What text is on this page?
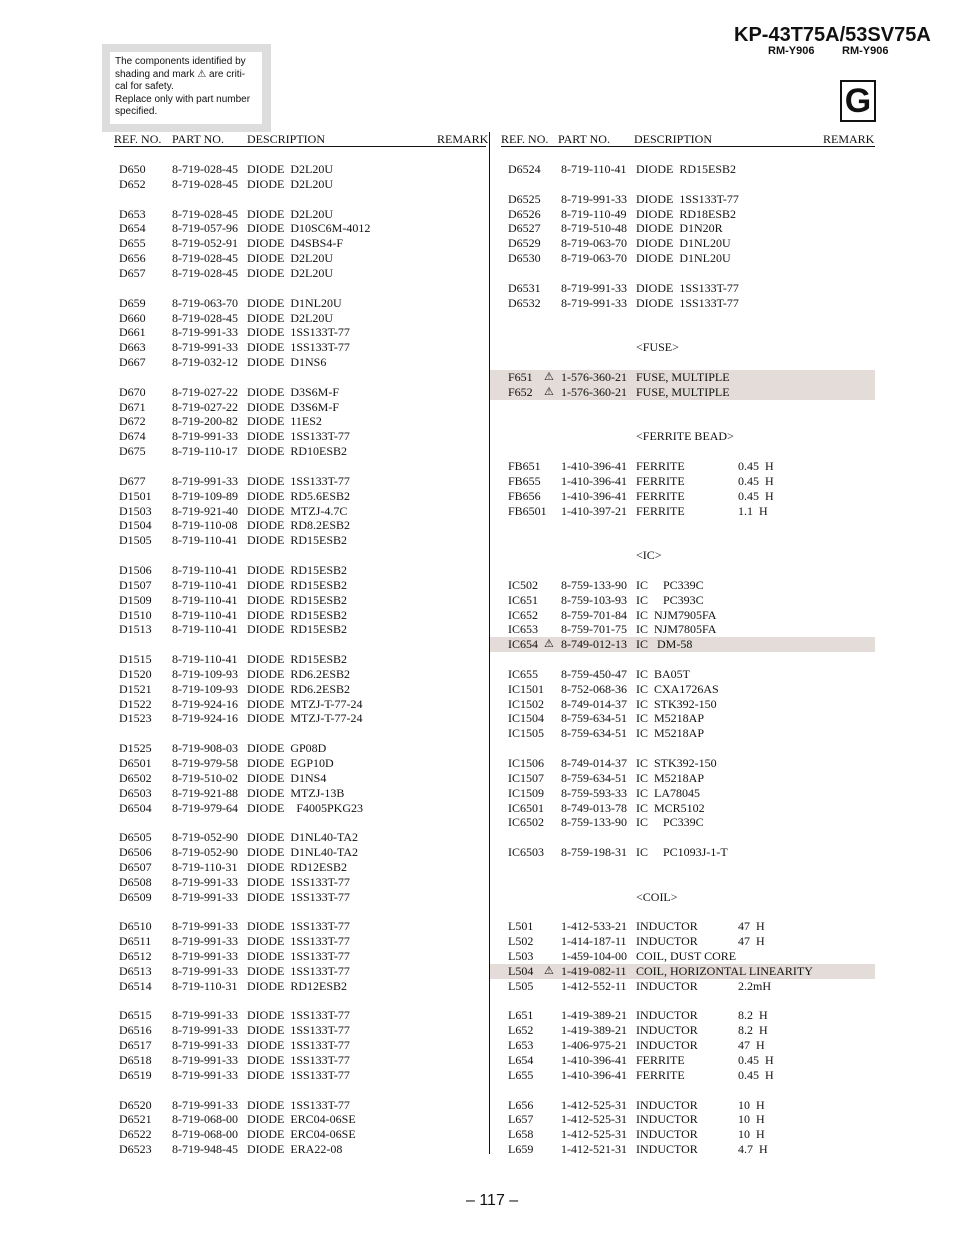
KP-43T75A/53SV75A
RM-Y906	RM-Y906
G
The components identified by
shading and mark ⚠ are criti-
cal for safety.
Replace only with part number
specified.
REF. NO. PART NO. DESCRIPTION	REMARK REF. NO. PART NO. DESCRIPTION	REMARK
D650 8-719-028-45 DIODE  D2L20U
D652 8-719-028-45 DIODE  D2L20U
D653 8-719-028-45 DIODE  D2L20U
D654 8-719-057-96 DIODE  D10SC6M-4012
D655 8-719-052-91 DIODE  D4SBS4-F
D656 8-719-028-45 DIODE  D2L20U
D657 8-719-028-45 DIODE  D2L20U
D659 8-719-063-70 DIODE  D1NL20U
D660 8-719-028-45 DIODE  D2L20U
D661 8-719-991-33 DIODE  1SS133T-77
D663 8-719-991-33 DIODE  1SS133T-77
D667 8-719-032-12 DIODE  D1NS6
D670 8-719-027-22 DIODE  D3S6M-F
D671 8-719-027-22 DIODE  D3S6M-F
D672 8-719-200-82 DIODE  11ES2
D674 8-719-991-33 DIODE  1SS133T-77
D675 8-719-110-17 DIODE  RD10ESB2
D677 8-719-991-33 DIODE  1SS133T-77
D1501 8-719-109-89 DIODE  RD5.6ESB2
D1503 8-719-921-40 DIODE  MTZJ-4.7C
D1504 8-719-110-08 DIODE  RD8.2ESB2
D1505 8-719-110-41 DIODE  RD15ESB2
D1506 8-719-110-41 DIODE  RD15ESB2
D1507 8-719-110-41 DIODE  RD15ESB2
D1509 8-719-110-41 DIODE  RD15ESB2
D1510 8-719-110-41 DIODE  RD15ESB2
D1513 8-719-110-41 DIODE  RD15ESB2
D1515 8-719-110-41 DIODE  RD15ESB2
D1520 8-719-109-93 DIODE  RD6.2ESB2
D1521 8-719-109-93 DIODE  RD6.2ESB2
D1522 8-719-924-16 DIODE  MTZJ-T-77-24
D1523 8-719-924-16 DIODE  MTZJ-T-77-24
D1525 8-719-908-03 DIODE  GP08D
D6501 8-719-979-58 DIODE  EGP10D
D6502 8-719-510-02 DIODE  D1NS4
D6503 8-719-921-88 DIODE  MTZJ-13B
D6504 8-719-979-64 DIODE    F4005PKG23
D6505 8-719-052-90 DIODE  D1NL40-TA2
D6506 8-719-052-90 DIODE  D1NL40-TA2
D6507 8-719-110-31 DIODE  RD12ESB2
D6508 8-719-991-33 DIODE  1SS133T-77
D6509 8-719-991-33 DIODE  1SS133T-77
D6510 8-719-991-33 DIODE  1SS133T-77
D6511 8-719-991-33 DIODE  1SS133T-77
D6512 8-719-991-33 DIODE  1SS133T-77
D6513 8-719-991-33 DIODE  1SS133T-77
D6514 8-719-110-31 DIODE  RD12ESB2
D6515 8-719-991-33 DIODE  1SS133T-77
D6516 8-719-991-33 DIODE  1SS133T-77
D6517 8-719-991-33 DIODE  1SS133T-77
D6518 8-719-991-33 DIODE  1SS133T-77
D6519 8-719-991-33 DIODE  1SS133T-77
D6520 8-719-991-33 DIODE  1SS133T-77
D6521 8-719-068-00 DIODE  ERC04-06SE
D6522 8-719-068-00 DIODE  ERC04-06SE
D6523 8-719-948-45 DIODE  ERA22-08
D6524 8-719-110-41 DIODE  RD15ESB2
D6525 8-719-991-33 DIODE  1SS133T-77
D6526 8-719-110-49 DIODE  RD18ESB2
D6527 8-719-510-48 DIODE  D1N20R
D6529 8-719-063-70 DIODE  D1NL20U
D6530 8-719-063-70 DIODE  D1NL20U
D6531 8-719-991-33 DIODE  1SS133T-77
D6532 8-719-991-33 DIODE  1SS133T-77
F651 ⚠ 1-576-360-21 FUSE, MULTIPLE
F652 ⚠ 1-576-360-21 FUSE, MULTIPLE
FB651 1-410-396-41 FERRITE	0.45  H
FB655 1-410-396-41 FERRITE	0.45  H
FB656 1-410-396-41 FERRITE	0.45  H
FB6501 1-410-397-21 FERRITE	1.1  H
IC502 8-759-133-90 IC     PC339C
IC651 8-759-103-93 IC     PC393C
IC652 8-759-701-84 IC  NJM7905FA
IC653 8-759-701-75 IC  NJM7805FA
IC654 ⚠ 8-749-012-13 IC   DM-58
IC655 8-759-450-47 IC  BA05T
IC1501 8-752-068-36 IC  CXA1726AS
IC1502 8-749-014-37 IC  STK392-150
IC1504 8-759-634-51 IC  M5218AP
IC1505 8-759-634-51 IC  M5218AP
IC1506 8-749-014-37 IC  STK392-150
IC1507 8-759-634-51 IC  M5218AP
IC1509 8-759-593-33 IC  LA78045
IC6501 8-749-013-78 IC  MCR5102
IC6502 8-759-133-90 IC     PC339C
IC6503 8-759-198-31 IC     PC1093J-1-T
L501 1-412-533-21 INDUCTOR	47  H
L502 1-414-187-11 INDUCTOR	47  H
L503 1-459-104-00 COIL, DUST CORE
L504 ⚠ 1-419-082-11 COIL, HORIZONTAL LINEARITY
L505 1-412-552-11 INDUCTOR	2.2mH
L651 1-419-389-21 INDUCTOR	8.2  H
L652 1-419-389-21 INDUCTOR	8.2  H
L653 1-406-975-21 INDUCTOR	47  H
L654 1-410-396-41 FERRITE	0.45  H
L655 1-410-396-41 FERRITE	0.45  H
L656 1-412-525-31 INDUCTOR	10  H
L657 1-412-525-31 INDUCTOR	10  H
L658 1-412-525-31 INDUCTOR	10  H
L659 1-412-521-31 INDUCTOR	4.7  H
<FUSE>
<FERRITE BEAD>
<IC>
<COIL>
– 117 –
